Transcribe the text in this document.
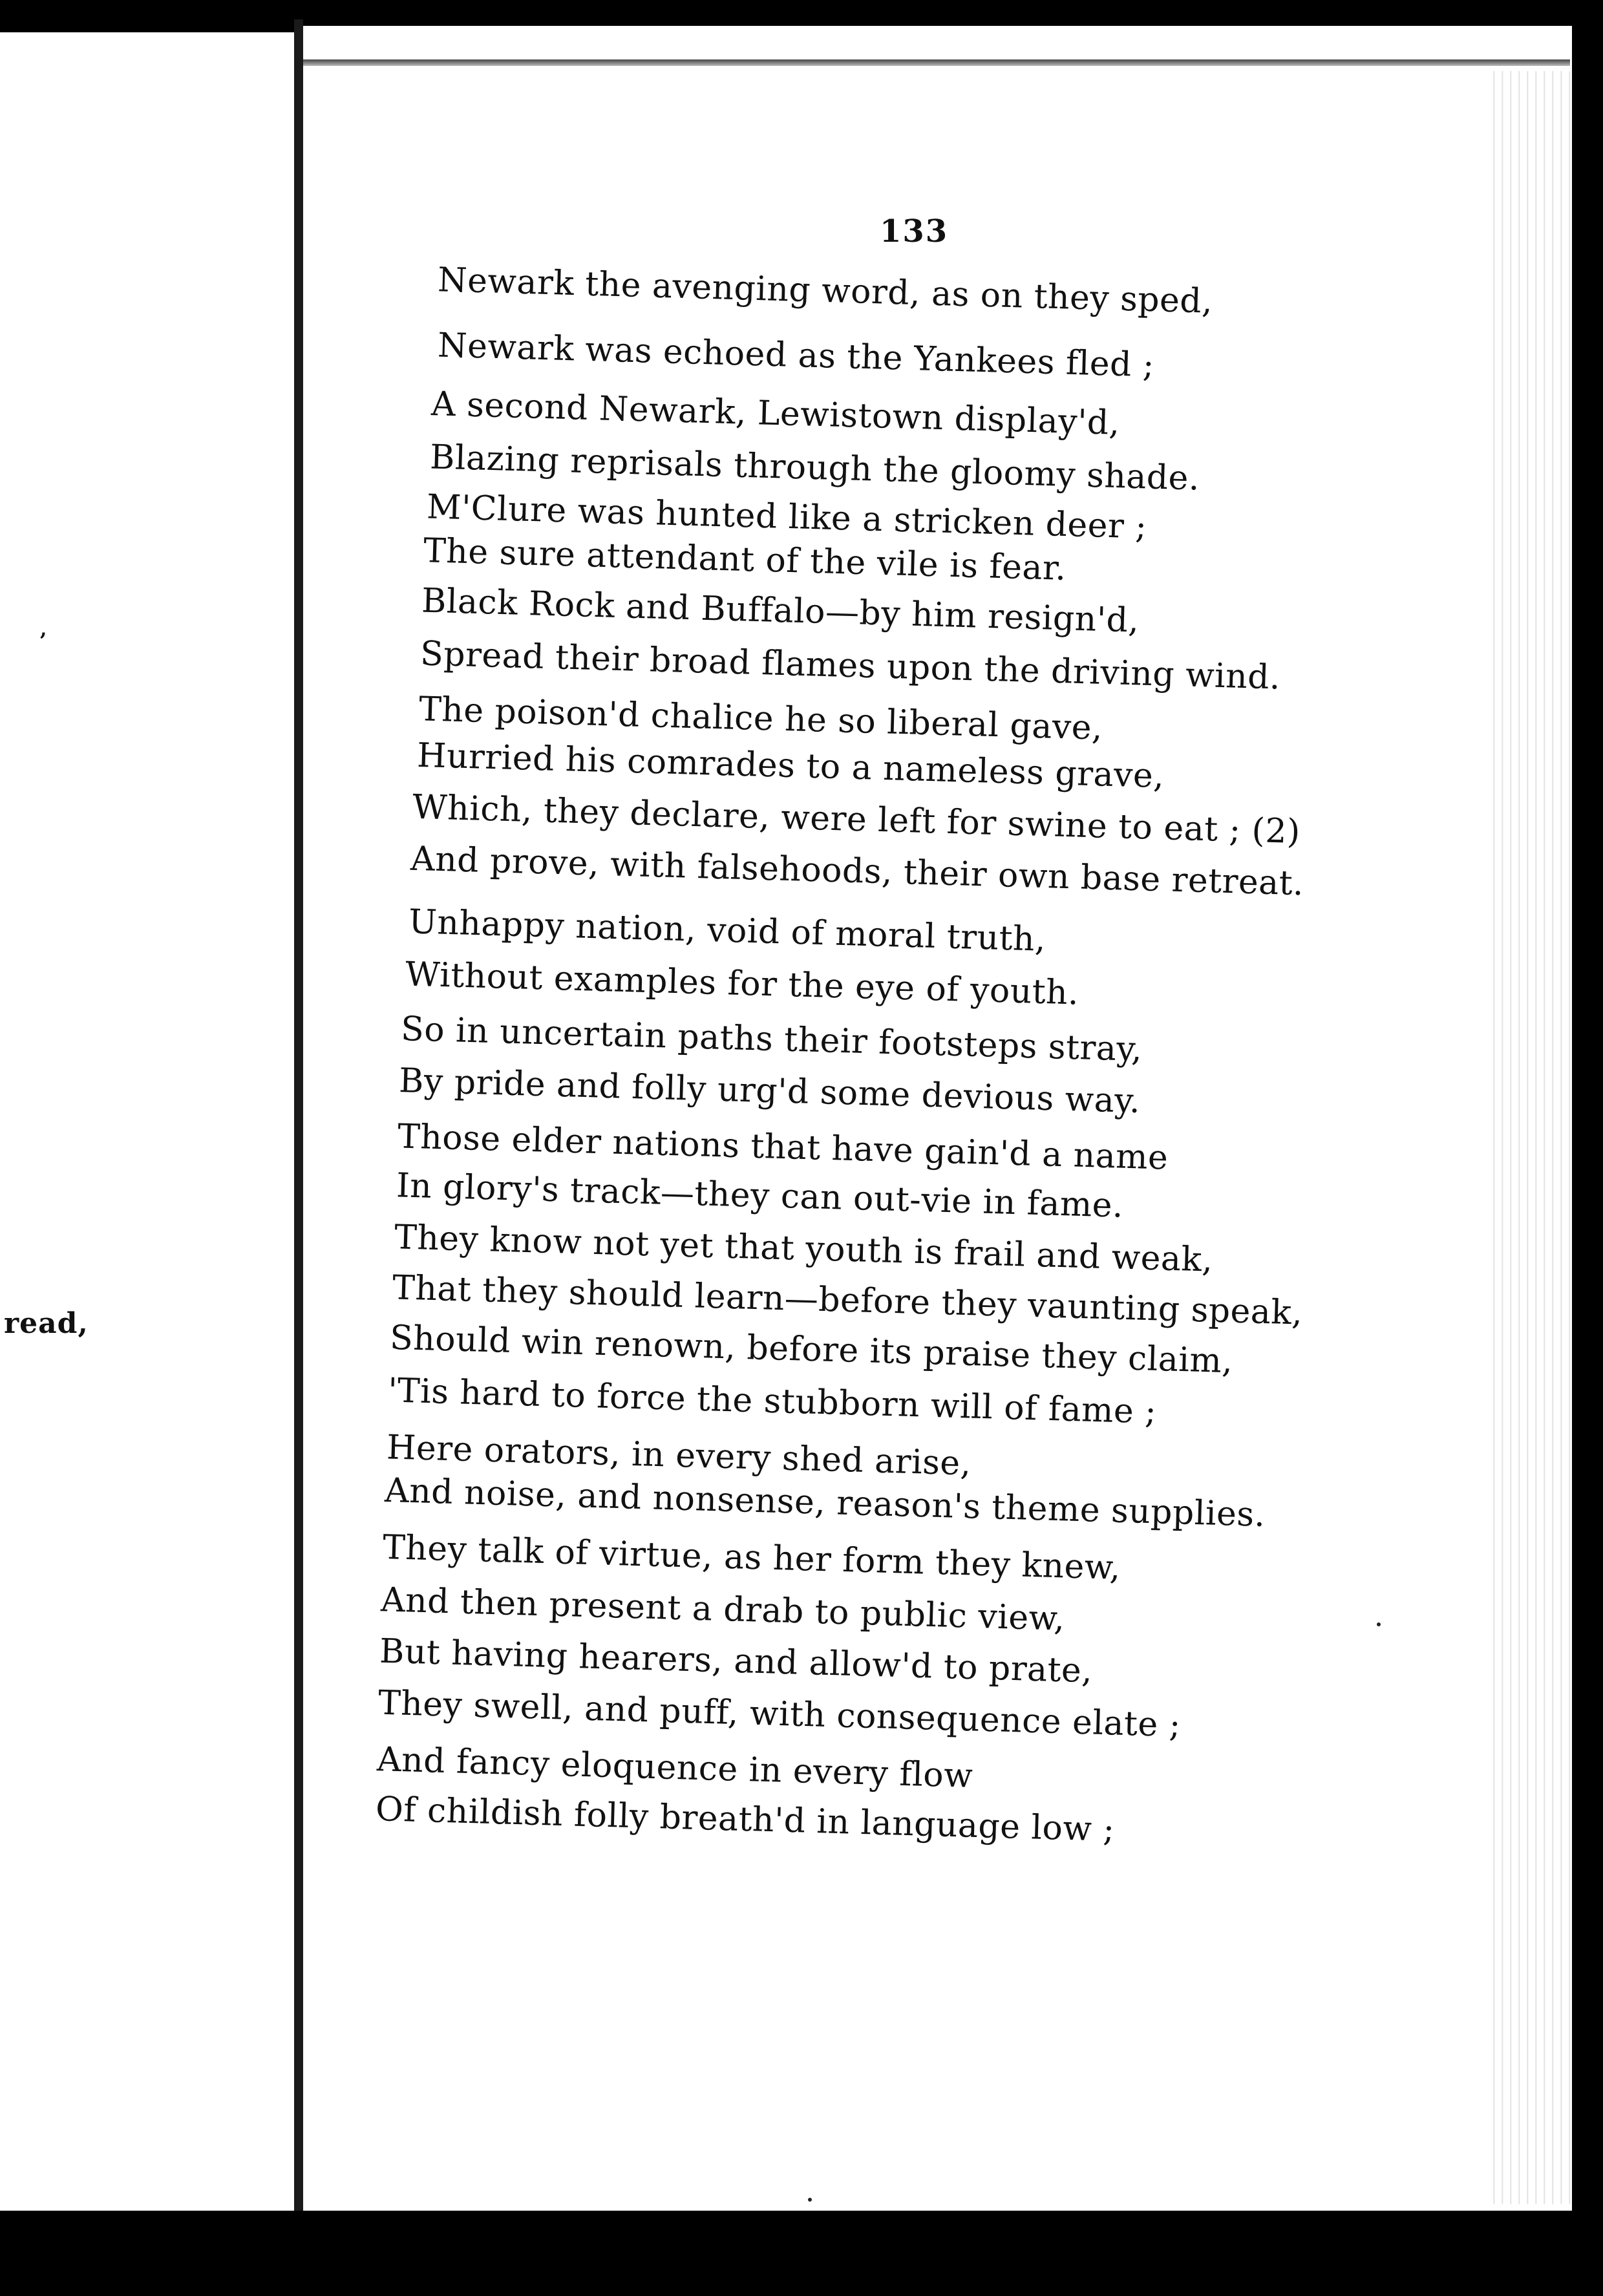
,
read,
133
Newark the avenging word, as on they sped,
Newark was echoed as the Yankees fled ;
A second Newark, Lewistown display'd,
Blazing reprisals through the gloomy shade.
M'Clure was hunted like a stricken deer ;
The sure attendant of the vile is fear.
Black Rock and Buffalo—by him resign'd,
Spread their broad flames upon the driving wind.
The poison'd chalice he so liberal gave,
Hurried his comrades to a nameless grave,
Which, they declare, were left for swine to eat ; (2)
And prove, with falsehoods, their own base retreat.
Unhappy nation, void of moral truth,
Without examples for the eye of youth.
So in uncertain paths their footsteps stray,
By pride and folly urg'd some devious way.
Those elder nations that have gain'd a name
In glory's track—they can out-vie in fame.
They know not yet that youth is frail and weak,
That they should learn—before they vaunting speak,
Should win renown, before its praise they claim,
'Tis hard to force the stubborn will of fame ;
Here orators, in every shed arise,
And noise, and nonsense, reason's theme supplies.
They talk of virtue, as her form they knew,
And then present a drab to public view,
But having hearers, and allow'd to prate,
They swell, and puff, with consequence elate ;
And fancy eloquence in every flow
Of childish folly breath'd in language low ;
